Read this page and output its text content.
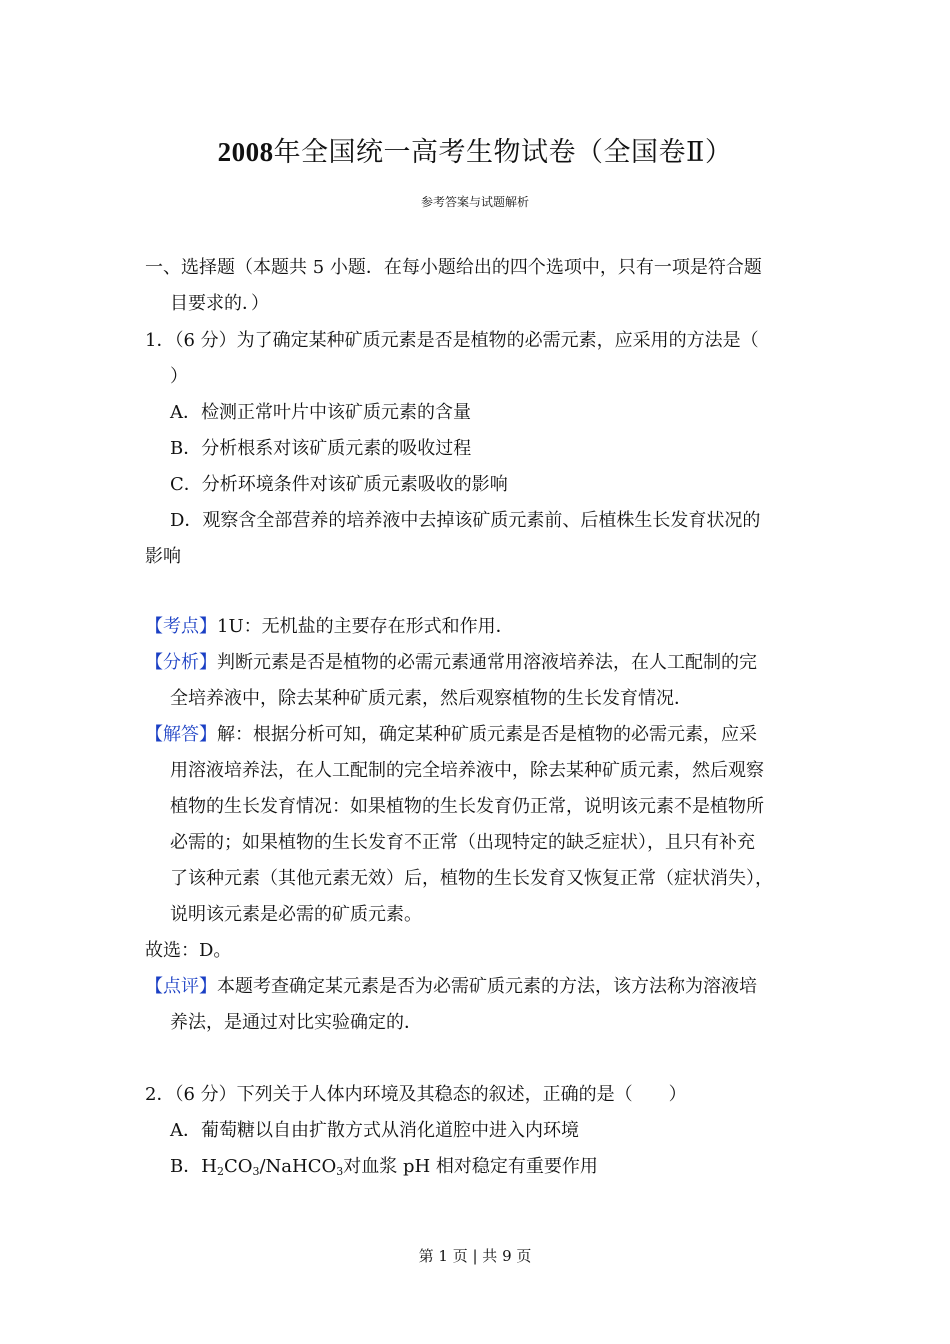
2008年全国统一高考生物试卷（全国卷Ⅱ）
参考答案与试题解析
一、选择题（本题共 5 小题．在每小题给出的四个选项中，只有一项是符合题
目要求的．）
1．（6 分）为了确定某种矿质元素是否是植物的必需元素，应采用的方法是（
）
A．检测正常叶片中该矿质元素的含量
B．分析根系对该矿质元素的吸收过程
C．分析环境条件对该矿质元素吸收的影响
D．观察含全部营养的培养液中去掉该矿质元素前、后植株生长发育状况的
影响
【考点】1U：无机盐的主要存在形式和作用．
【分析】判断元素是否是植物的必需元素通常用溶液培养法，在人工配制的完
全培养液中，除去某种矿质元素，然后观察植物的生长发育情况．
【解答】解：根据分析可知，确定某种矿质元素是否是植物的必需元素，应采
用溶液培养法，在人工配制的完全培养液中，除去某种矿质元素，然后观察
植物的生长发育情况：如果植物的生长发育仍正常，说明该元素不是植物所
必需的；如果植物的生长发育不正常（出现特定的缺乏症状），且只有补充
了该种元素（其他元素无效）后，植物的生长发育又恢复正常（症状消失），
说明该元素是必需的矿质元素。
故选：D。
【点评】本题考查确定某元素是否为必需矿质元素的方法，该方法称为溶液培
养法，是通过对比实验确定的．
2．（6 分）下列关于人体内环境及其稳态的叙述，正确的是（　　）
A．葡萄糖以自由扩散方式从消化道腔中进入内环境
B．$H_2CO_3/NaHCO_3$对血浆 pH 相对稳定有重要作用
第 1 页 | 共 9 页
